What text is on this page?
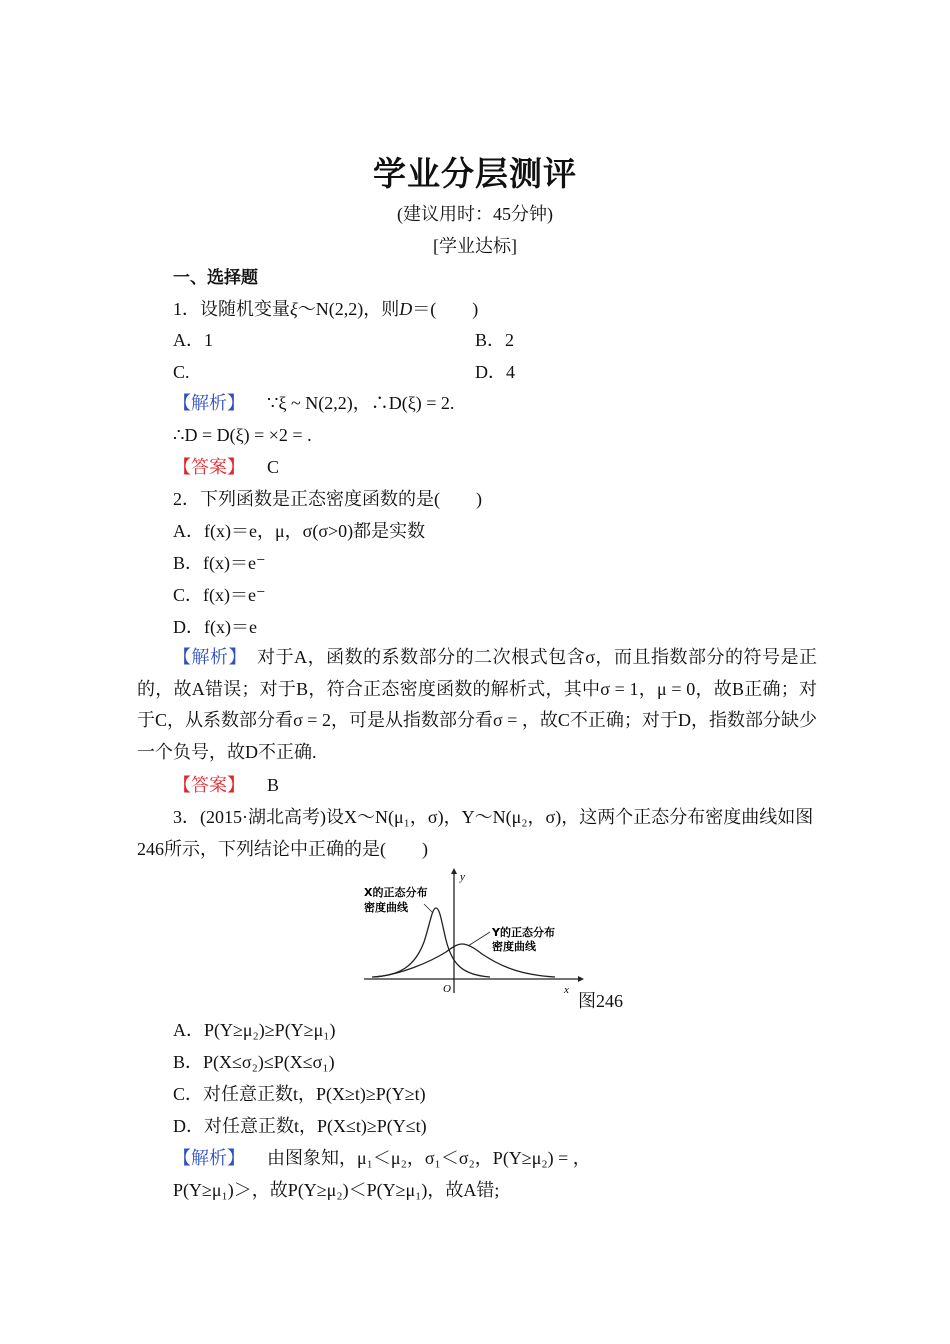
学业分层测评
(建议用时：45分钟)
[学业达标]
一、选择题
1．设随机变量ξ～N(2,2)，则D＝(　　)
A．1	B．2
C.	D．4
【解析】 ∵ξ ~ N(2,2)，∴D(ξ) = 2.
∴D = D(ξ) = ×2 = .
【答案】 C
2．下列函数是正态密度函数的是(　　)
A．f(x)＝e，μ，σ(σ>0)都是实数
B．f(x)＝e⁻
C．f(x)＝e⁻
D．f(x)＝e

【解析】 对于A，函数的系数部分的二次根式包含σ，而且指数部分的符号是正的，故A错误；对于B，符合正态密度函数的解析式，其中σ = 1，μ = 0，故B正确；对于C，从系数部分看σ = 2，可是从指数部分看σ = ，故C不正确；对于D，指数部分缺少一个负号，故D不正确.

【答案】 B
3．(2015·湖北高考)设X～N(μ₁，σ)，Y～N(μ₂，σ)，这两个正态分布密度曲线如图
246所示，下列结论中正确的是(　　)
X的正态分布
密度曲线
Y的正态分布
密度曲线
y
x
O
图246
A．P(Y≥μ₂)≥P(Y≥μ₁)
B．P(X≤σ₂)≤P(X≤σ₁)
C．对任意正数t，P(X≥t)≥P(Y≥t)
D．对任意正数t，P(X≤t)≥P(Y≤t)
【解析】 由图象知，μ₁＜μ₂，σ₁＜σ₂，P(Y≥μ₂) = ，
P(Y≥μ₁)＞，故P(Y≥μ₂)＜P(Y≥μ₁)，故A错;
